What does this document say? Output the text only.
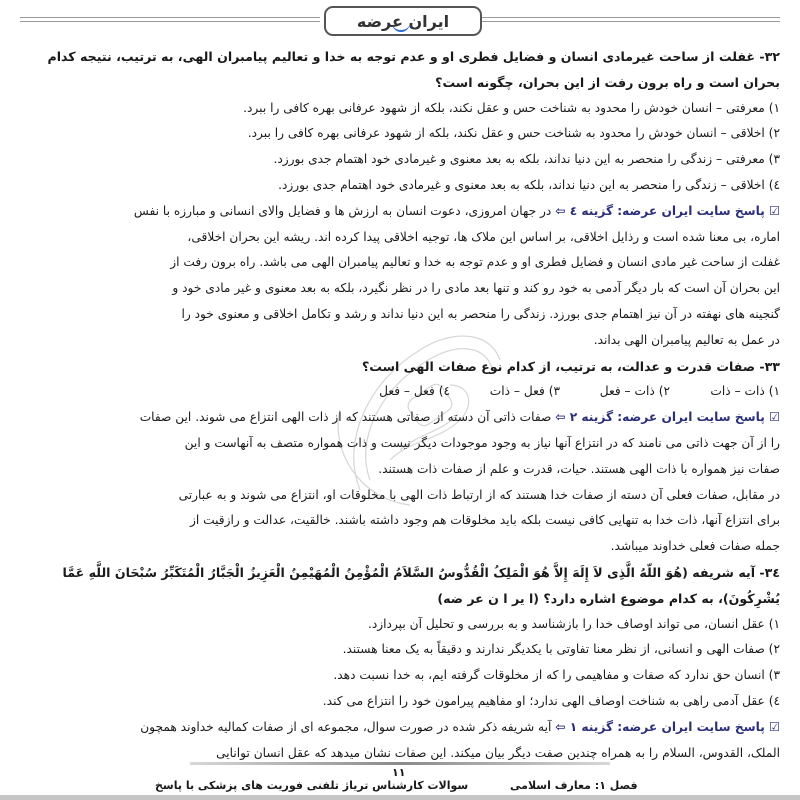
ایران عرضه
۳۲- غفلت از ساحت غیرمادی انسان و فضایل فطری او و عدم توجه به خدا و تعالیم پیامبران الهی، به ترتیب، نتیجه کدام
بحران است و راه برون رفت از این بحران، چگونه است؟
۱) معرفتی – انسان خودش را محدود به شناخت حس و عقل نکند، بلکه از شهود عرفانی بهره کافی را ببرد.
۲) اخلاقی – انسان خودش را محدود به شناخت حس و عقل نکند، بلکه از شهود عرفانی بهره کافی را ببرد.
۳) معرفتی – زندگی را منحصر به این دنیا نداند، بلکه به بعد معنوی و غیرمادی خود اهتمام جدی بورزد.
٤) اخلاقی – زندگی را منحصر به این دنیا نداند، بلکه به بعد معنوی و غیرمادی خود اهتمام جدی بورزد.
☑ پاسخ سایت ایران عرضه: گزینه ٤ ⇦ در جهان امروزی، دعوت انسان به ارزش ها و فضایل والای انسانی و مبارزه با نفس
اماره، بی معنا شده است و رذایل اخلاقی، بر اساس این ملاک ها، توجیه اخلاقی پیدا کرده اند. ریشه این بحران اخلاقی،
غفلت از ساحت غیر مادی انسان و فضایل فطری او و عدم توجه به خدا و تعالیم پیامبران الهی می باشد. راه برون رفت از
این بحران آن است که بار دیگر آدمی به خود رو کند و تنها بعد مادی را در نظر نگیرد، بلکه به بعد معنوی و غیر مادی خود و
گنجینه های نهفته در آن نیز اهتمام جدی بورزد. زندگی را منحصر به این دنیا نداند و رشد و تکامل اخلاقی و معنوی خود را
در عمل به تعالیم پیامبران الهی بداند.
۳۳- صفات قدرت و عدالت، به ترتیب، از کدام نوع صفات الهی است؟
۱) ذات – ذات
۲) ذات – فعل
۳) فعل – ذات
٤) فعل – فعل
☑ پاسخ سایت ایران عرضه: گزینه ۲ ⇦ صفات ذاتی آن دسته از صفاتی هستند که از ذات الهی انتزاع می شوند. این صفات
را از آن جهت ذاتی می نامند که در انتزاع آنها نیاز به وجود موجودات دیگر نیست و ذات همواره متصف به آنهاست و این
صفات نیز همواره با ذات الهی هستند. حیات، قدرت و علم از صفات ذات هستند.
در مقابل، صفات فعلی آن دسته از صفات خدا هستند که از ارتباط ذات الهی با مخلوقات او، انتزاع می شوند و به عبارتی
برای انتزاع آنها، ذات خدا به تنهایی کافی نیست بلکه باید مخلوقات هم وجود داشته باشند. خالقیت، عدالت و رازقیت از
جمله صفات فعلی خداوند میباشد.
۳٤- آیه شریفه (هُوَ اللّهُ الَّذِی لاَ إِلَهَ إِلاَّ هُوَ الْمَلِکُ الْقُدُّوسُ السَّلاَمُ الْمُؤْمِنُ الْمُهَیْمِنُ الْعَزِیزُ الْجَبَّارُ الْمُتَکَبِّرُ سُبْحَانَ اللَّهِ عَمَّا
یُشْرِکُونَ)، به کدام موضوع اشاره دارد؟ (ا یر ا ن عر ضه)
۱) عقل انسان، می تواند اوصاف خدا را بازشناسد و به بررسی و تحلیل آن بپردازد.
۲) صفات الهی و انسانی، از نظر معنا تفاوتی با یکدیگر ندارند و دقیقاً به یک معنا هستند.
۳) انسان حق ندارد که صفات و مفاهیمی را که از مخلوقات گرفته ایم، به خدا نسبت دهد.
٤) عقل آدمی راهی به شناخت اوصاف الهی ندارد؛ او مفاهیم پیرامون خود را انتزاع می کند.
☑ پاسخ سایت ایران عرضه: گزینه ۱ ⇦ آیه شریفه ذکر شده در صورت سوال، مجموعه ای از صفات کمالیه خداوند همچون
الملک، القدوس، السلام را به همراه چندین صفت دیگر بیان میکند. این صفات نشان میدهد که عقل انسان توانایی
۱۱
سوالات کارشناس تریاژ تلفنی فوریت های پزشکی با پاسخ	فصل ۱: معارف اسلامی
